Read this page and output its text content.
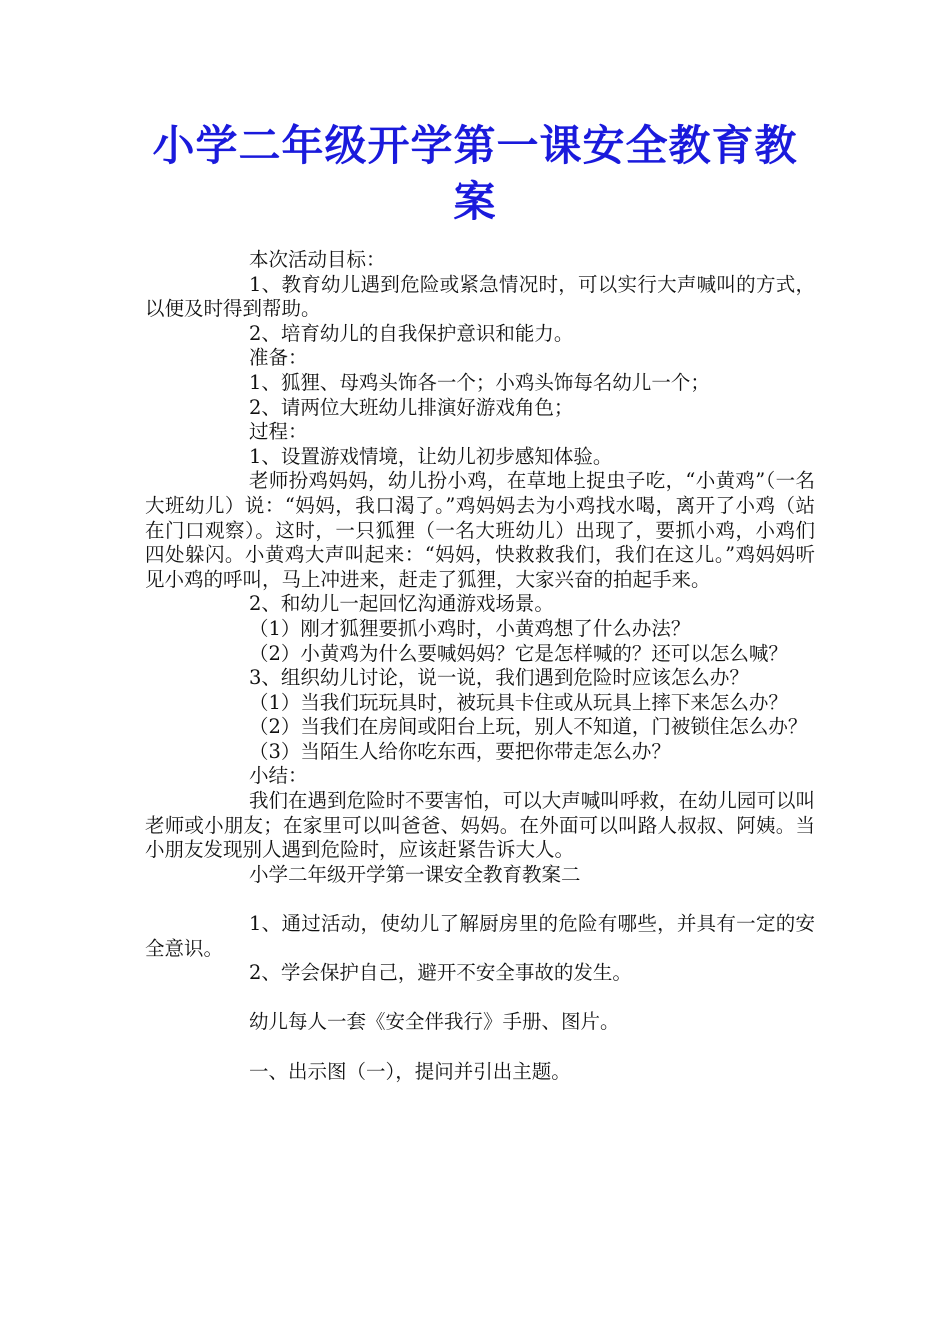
小学二年级开学第一课安全教育教案

本次活动目标：

1、教育幼儿遇到危险或紧急情况时，可以实行大声喊叫的方式，以便及时得到帮助。

2、培育幼儿的自我保护意识和能力。

准备：

1、狐狸、母鸡头饰各一个；小鸡头饰每名幼儿一个；

2、请两位大班幼儿排演好游戏角色；

过程：

1、设置游戏情境，让幼儿初步感知体验。

老师扮鸡妈妈，幼儿扮小鸡，在草地上捉虫子吃，“小黄鸡”（一名大班幼儿）说：“妈妈，我口渴了。”鸡妈妈去为小鸡找水喝，离开了小鸡（站在门口观察）。这时，一只狐狸（一名大班幼儿）出现了，要抓小鸡，小鸡们四处躲闪。小黄鸡大声叫起来：“妈妈，快救救我们，我们在这儿。”鸡妈妈听见小鸡的呼叫，马上冲进来，赶走了狐狸，大家兴奋的拍起手来。

2、和幼儿一起回忆沟通游戏场景。

（1）刚才狐狸要抓小鸡时，小黄鸡想了什么办法？

（2）小黄鸡为什么要喊妈妈？它是怎样喊的？还可以怎么喊？

3、组织幼儿讨论，说一说，我们遇到危险时应该怎么办？

（1）当我们玩玩具时，被玩具卡住或从玩具上摔下来怎么办？

（2）当我们在房间或阳台上玩，别人不知道，门被锁住怎么办？

（3）当陌生人给你吃东西，要把你带走怎么办？

小结：

我们在遇到危险时不要害怕，可以大声喊叫呼救，在幼儿园可以叫老师或小朋友；在家里可以叫爸爸、妈妈。在外面可以叫路人叔叔、阿姨。当小朋友发现别人遇到危险时，应该赶紧告诉大人。

小学二年级开学第一课安全教育教案二

1、通过活动，使幼儿了解厨房里的危险有哪些，并具有一定的安全意识。

2、学会保护自己，避开不安全事故的发生。

幼儿每人一套《安全伴我行》手册、图片。

一、出示图（一），提问并引出主题。
